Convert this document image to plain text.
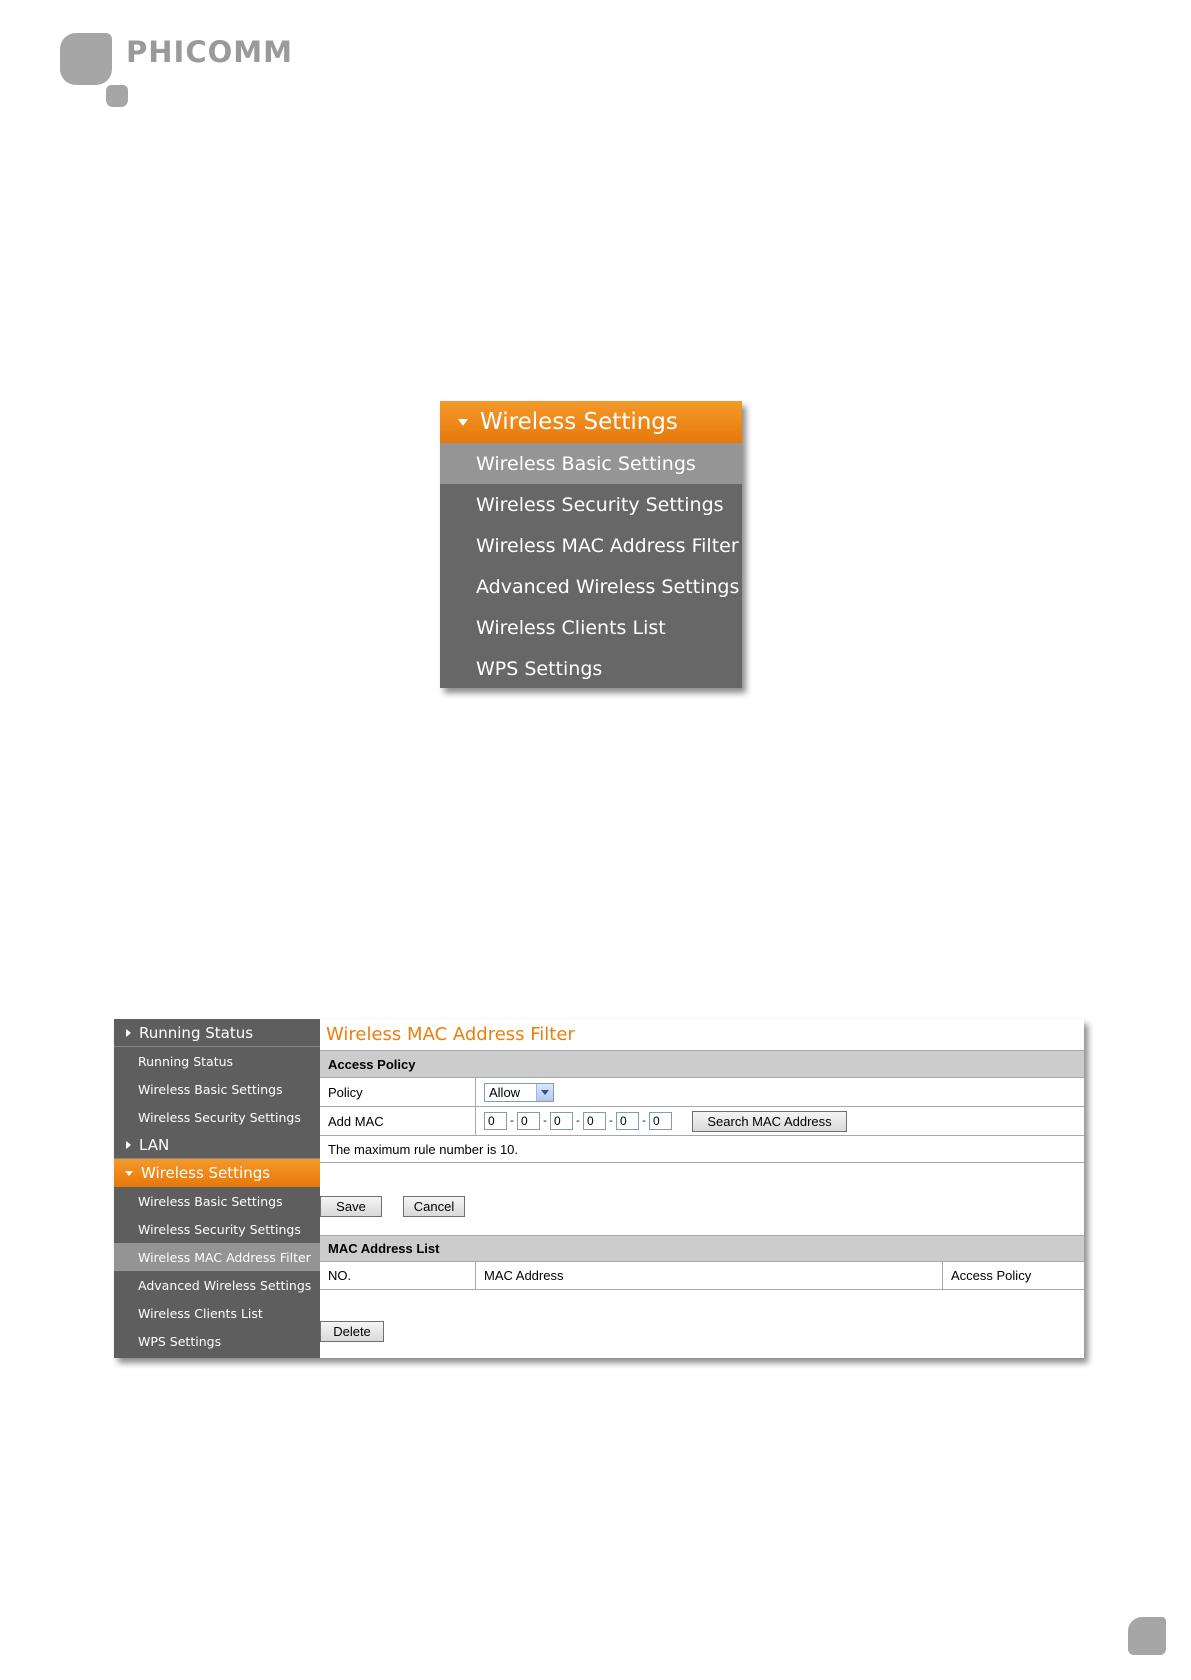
PHICOMM
Wireless Settings
Wireless Basic Settings
Wireless Security Settings
Wireless MAC Address Filter
Advanced Wireless Settings
Wireless Clients List
WPS Settings
Running Status
Running Status
Wireless Basic Settings
Wireless Security Settings
LAN
Wireless Settings
Wireless Basic Settings
Wireless Security Settings
Wireless MAC Address Filter
Advanced Wireless Settings
Wireless Clients List
WPS Settings
Wireless MAC Address Filter
Access Policy
Policy	Allow
Add MAC	0	- 0	- 0	- 0	- 0	- 0	Search MAC Address
The maximum rule number is 10.
Save	Cancel
MAC Address List
NO.	MAC Address	Access Policy
Delete
